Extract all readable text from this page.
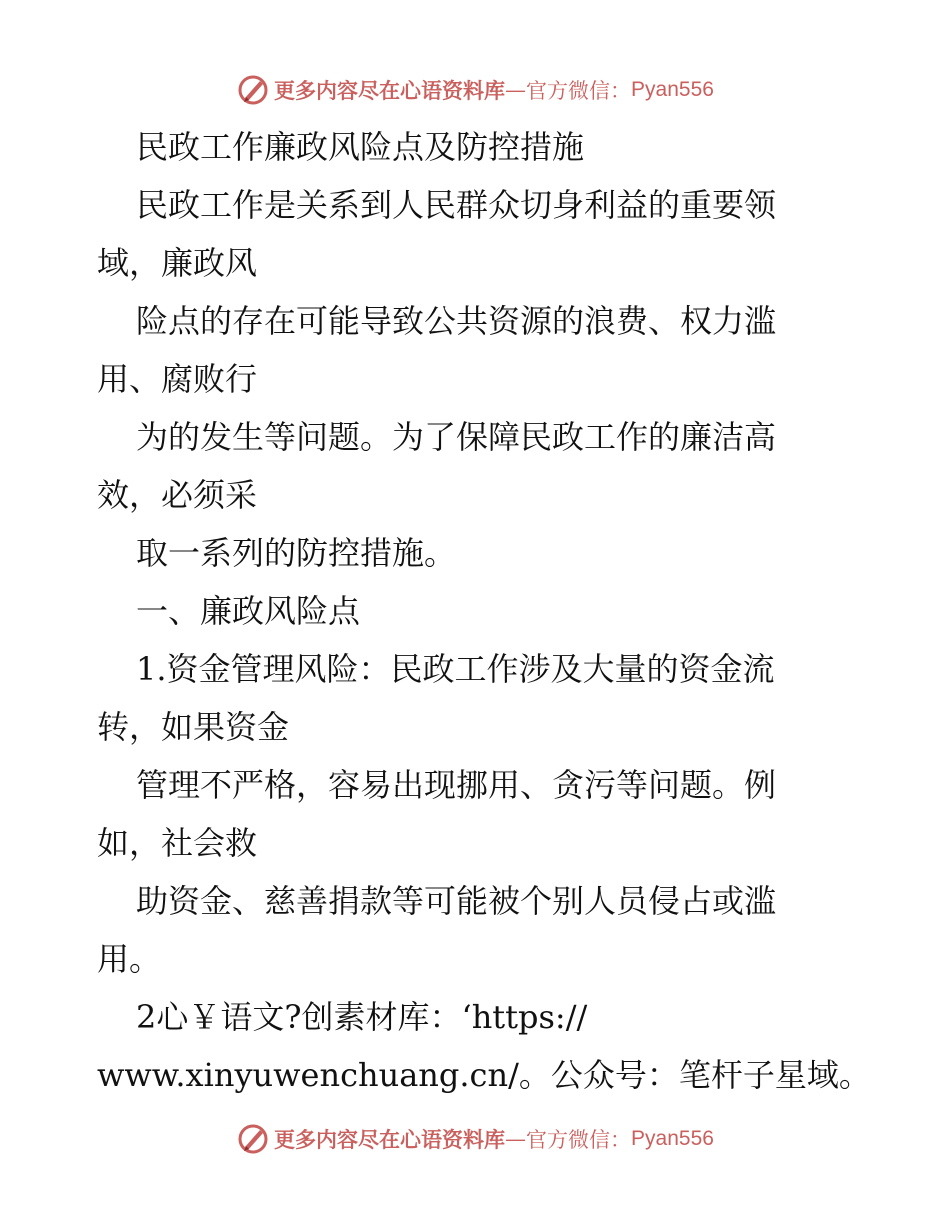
更多内容尽在心语资料库 — 官方微信： Pyan556
民政工作廉政风险点及防控措施
民政工作是关系到人民群众切身利益的重要领
域，廉政风
险点的存在可能导致公共资源的浪费、权力滥
用、腐败行
为的发生等问题。为了保障民政工作的廉洁高
效，必须采
取一系列的防控措施。
一、廉政风险点
1.资金管理风险：民政工作涉及大量的资金流
转，如果资金
管理不严格，容易出现挪用、贪污等问题。例
如，社会救
助资金、慈善捐款等可能被个别人员侵占或滥
用。
2心￥语文?创素材库：‘https://
www.xinyuwenchuang.cn/。公众号：笔杆子星域。
更多内容尽在心语资料库 — 官方微信： Pyan556
